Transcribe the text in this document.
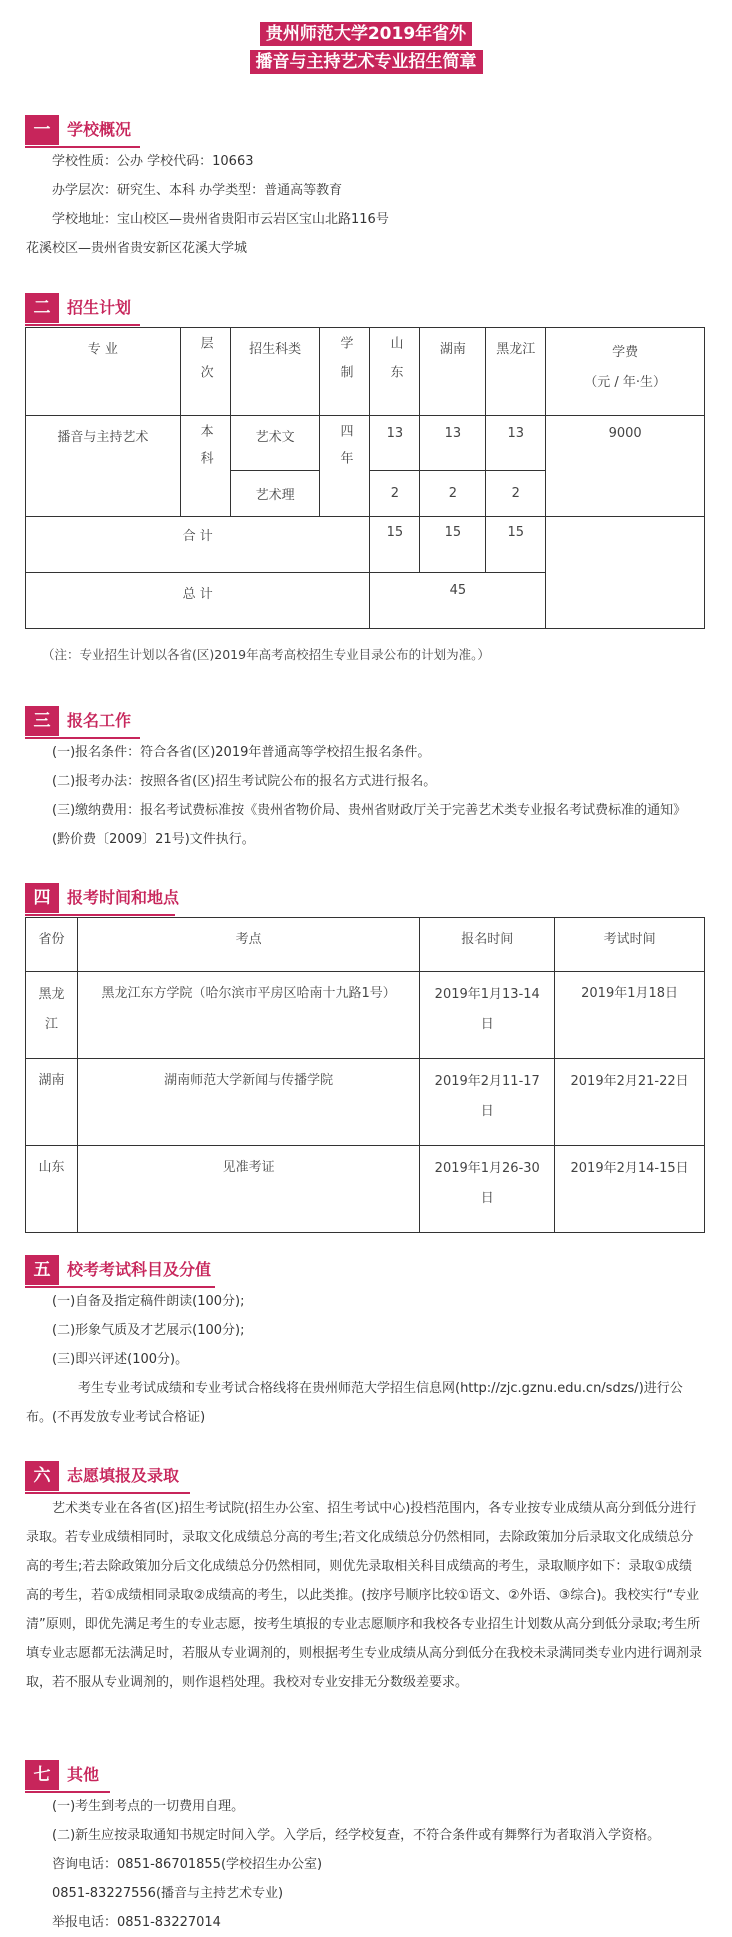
贵州师范大学2019年省外
播音与主持艺术专业招生简章
一	学校概况

学校性质：公办 学校代码：10663

办学层次：研究生、本科 办学类型：普通高等教育

学校地址：宝山校区—贵州省贵阳市云岩区宝山北路116号

花溪校区—贵州省贵安新区花溪大学城

二	招生计划
专 业	层次	招生科类	学制	山东	湖南	黑龙江	学费
（元 / 年·生）

播音与主持艺术	本科	艺术文	四年	13	13	13	9000
		艺术理		2	2	2	
合 计				15	15	15	
总 计				45			
（注：专业招生计划以各省(区)2019年高考高校招生专业目录公布的计划为准。）
三	报名工作

(一)报名条件：符合各省(区)2019年普通高等学校招生报名条件。

(二)报考办法：按照各省(区)招生考试院公布的报名方式进行报名。

(三)缴纳费用：报名考试费标准按《贵州省物价局、贵州省财政厅关于完善艺术类专业报名考试费标准的通知》(黔价费〔2009〕21号)文件执行。

四	报考时间和地点
省份	考点	报名时间	考试时间
黑龙江	黑龙江东方学院（哈尔滨市平房区哈南十九路1号）	2019年1月13-14日	2019年1月18日
湖南	湖南师范大学新闻与传播学院	2019年2月11-17日	2019年2月21-22日
山东	见准考证	2019年1月26-30日	2019年2月14-15日
五	校考考试科目及分值

(一)自备及指定稿件朗读(100分);

(二)形象气质及才艺展示(100分);

(三)即兴评述(100分)。

考生专业考试成绩和专业考试合格线将在贵州师范大学招生信息网(http://zjc.gznu.edu.cn/sdzs/)进行公布。(不再发放专业考试合格证)

六	志愿填报及录取

艺术类专业在各省(区)招生考试院(招生办公室、招生考试中心)投档范围内，各专业按专业成绩从高分到低分进行录取。若专业成绩相同时，录取文化成绩总分高的考生;若文化成绩总分仍然相同，去除政策加分后录取文化成绩总分高的考生;若去除政策加分后文化成绩总分仍然相同，则优先录取相关科目成绩高的考生，录取顺序如下：录取①成绩高的考生，若①成绩相同录取②成绩高的考生，以此类推。(按序号顺序比较①语文、②外语、③综合)。我校实行“专业清”原则，即优先满足考生的专业志愿，按考生填报的专业志愿顺序和我校各专业招生计划数从高分到低分录取;考生所填专业志愿都无法满足时，若服从专业调剂的，则根据考生专业成绩从高分到低分在我校未录满同类专业内进行调剂录取，若不服从专业调剂的，则作退档处理。我校对专业安排无分数级差要求。

七	其他

(一)考生到考点的一切费用自理。

(二)新生应按录取通知书规定时间入学。入学后，经学校复查，不符合条件或有舞弊行为者取消入学资格。

咨询电话：0851-86701855(学校招生办公室)

0851-83227556(播音与主持艺术专业)

举报电话：0851-83227014
